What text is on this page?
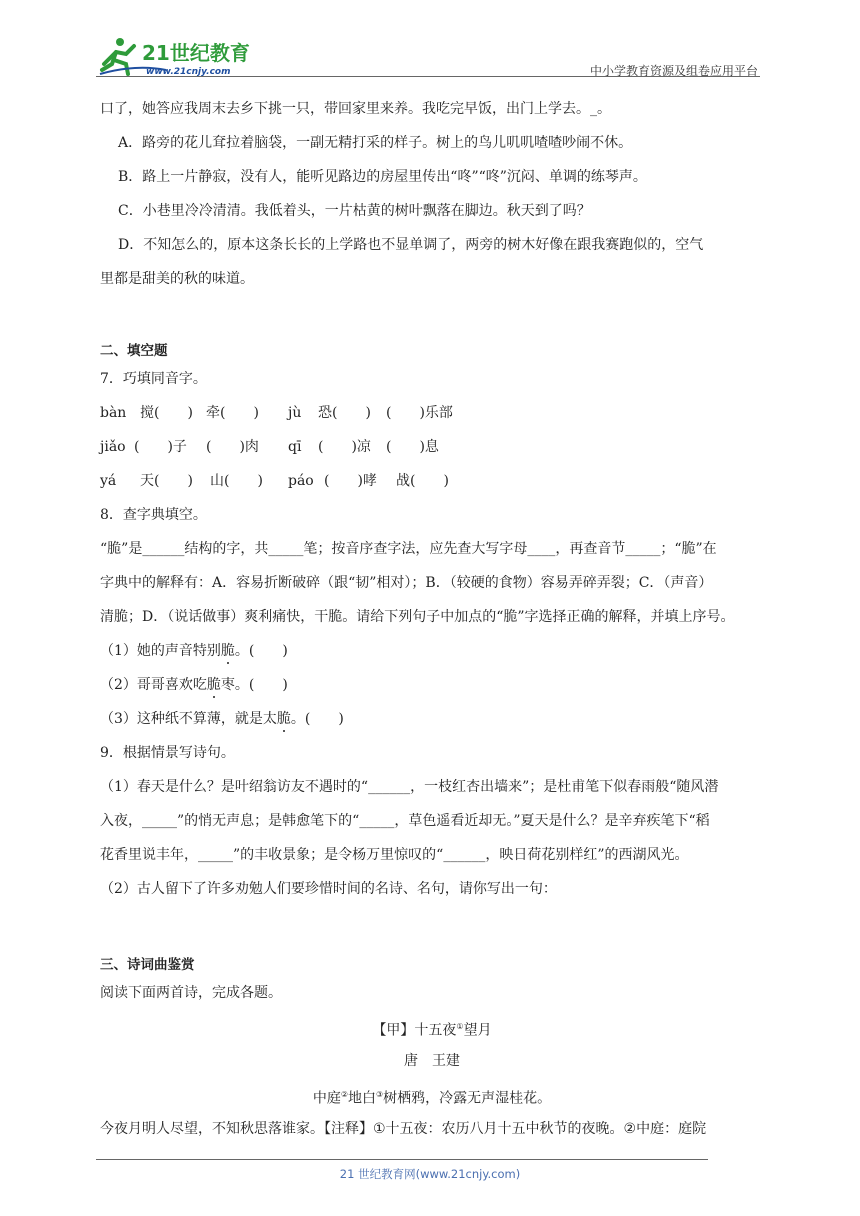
21世纪教育
www.21cnjy.com	中小学教育资源及组卷应用平台
口了，她答应我周末去乡下挑一只，带回家里来养。我吃完早饭，出门上学去。_。
A．路旁的花儿耷拉着脑袋，一副无精打采的样子。树上的鸟儿叽叽喳喳吵闹不休。
B．路上一片静寂，没有人，能听见路边的房屋里传出“咚”“咚”沉闷、单调的练琴声。
C．小巷里冷冷清清。我低着头，一片枯黄的树叶飘落在脚边。秋天到了吗？
D．不知怎么的，原本这条长长的上学路也不显单调了，两旁的树木好像在跟我赛跑似的，空气
里都是甜美的秋的味道。
二、填空题
7．巧填同音字。
bàn 搅(　　) 牵(　　) jù 恐(　　) (　　)乐部
jiǎo (　　)子 (　　)肉 qī (　　)凉 (　　)息
yá 天(　　) 山(　　) páo (　　)哮 战(　　)
8．查字典填空。
“脆”是______结构的字，共_____笔；按音序查字法，应先查大写字母____，再查音节_____；“脆”在
字典中的解释有：A．容易折断破碎（跟“韧”相对）；B．（较硬的食物）容易弄碎弄裂；C．（声音）
清脆；D．（说话做事）爽利痛快，干脆。请给下列句子中加点的“脆”字选择正确的解释，并填上序号。
（1）她的声音特别脆。(　　)
（2）哥哥喜欢吃脆枣。(　　)
（3）这种纸不算薄，就是太脆。(　　)
9．根据情景写诗句。
（1）春天是什么？是叶绍翁访友不遇时的“______，一枝红杏出墙来”；是杜甫笔下似春雨般“随风潜
入夜，_____”的悄无声息；是韩愈笔下的“_____，草色遥看近却无。”夏天是什么？是辛弃疾笔下“稻
花香里说丰年，_____”的丰收景象；是令杨万里惊叹的“______，映日荷花别样红”的西湖风光。
（2）古人留下了许多劝勉人们要珍惜时间的名诗、名句，请你写出一句：
三、诗词曲鉴赏
阅读下面两首诗，完成各题。
【甲】十五夜①望月
唐　王建
中庭②地白③树栖鸦，冷露无声湿桂花。
今夜月明人尽望，不知秋思落谁家。【注释】①十五夜：农历八月十五中秋节的夜晚。②中庭：庭院
21 世纪教育网(www.21cnjy.com)
